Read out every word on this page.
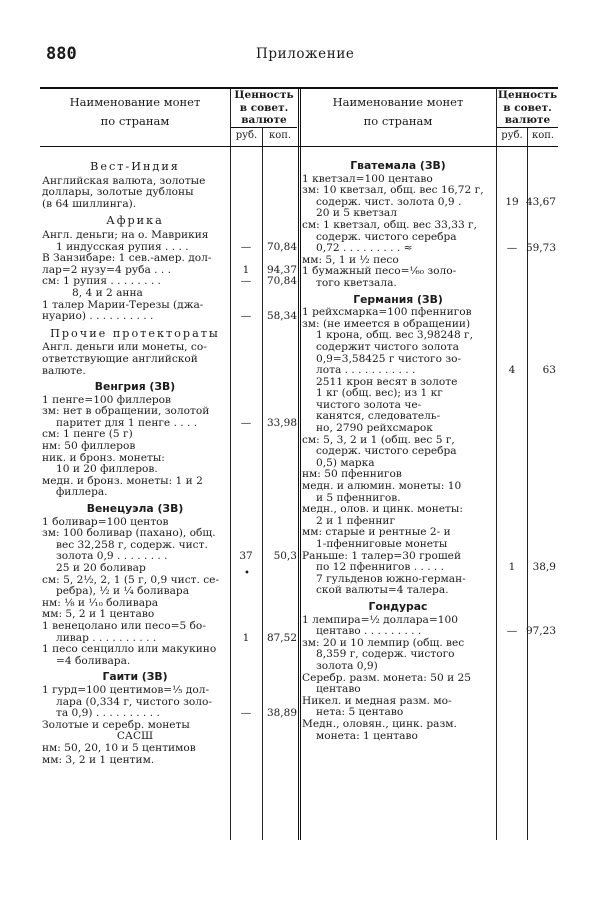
880	Приложение
Наименование монет
по странам
Ценность
в совет.
валюте
руб.	коп.
Наименование монет
по странам
Ценность
в совет.
валюте
руб. коп.
Вест-Индия
Английская валюта, золотые
доллары, золотые дублоны
(в 64 шиллинга).
Африка
Англ. деньги; на о. Маврикия
1 индусская рупия . . . .	—	70,84
В Занзибаре: 1 сев.-амер. дол-
лар=2 нузу=4 руба . . .	1	94,37
см: 1 рупия . . . . . . . .	—	70,84
8, 4 и 2 анна
1 талер Марии-Терезы (джа-
нуарио) . . . . . . . . . .	—	58,34
Прочие протектораты
Англ. деньги или монеты, со-
ответствующие английской
валюте.
Венгрия (ЗВ)
1 пенге=100 филлеров
зм: нет в обращении, золотой
паритет для 1 пенге . . . .	—	33,98
см: 1 пенге (5 г)
нм: 50 филлеров
ник. и бронз. монеты:
10 и 20 филлеров.
медн. и бронз. монеты: 1 и 2
филлера.
Венецуэла (ЗВ)
1 боливар=100 центов
зм: 100 боливар (пахано), общ.
вес 32,258 г, содерж. чист.
золота 0,9 . . . . . . . .	37	50,3
25 и 20 боливар
см: 5, 2½, 2, 1 (5 г, 0,9 чист. се-
ребра), ½ и ¼ боливара
нм: ⅛ и ¹⁄₁₀ боливара
мм: 5, 2 и 1 центаво
1 венецолано или песо=5 бо-
ливар . . . . . . . . . .	1	87,52
1 песо сенцилло или макукино
=4 боливара.
Гаити (ЗВ)
1 гурд=100 центимов=¹⁄₅ дол-
лара (0,334 г, чистого золо-
та 0,9) . . . . . . . . . .	—	38,89
Золотые и серебр. монеты
САСШ
нм: 50, 20, 10 и 5 центимов
мм: 3, 2 и 1 центим.
Гватемала (ЗВ)
1 кветзал=100 центаво
зм: 10 кветзал, общ. вес 16,72 г,
содерж. чист. золота 0,9 .	19 43,67
20 и 5 кветзал
см: 1 кветзал, общ. вес 33,33 г,
содерж. чистого серебра
0,72 . . . . . . . . . ≈	— 59,73
мм: 5, 1 и ½ песо
1 бумажный песо=¹⁄₆₀ золо-
того кветзала.
Германия (ЗВ)
1 рейхсмарка=100 пфеннигов
зм: (не имеется в обращении)
1 крона, общ. вес 3,98248 г,
содержит чистого золота
0,9=3,58425 г чистого зо-
лота . . . . . . . . . . .	4	63
2511 крон весят в золоте
1 кг (общ. вес); из 1 кг
чистого золота че-
канятся, следователь-
но, 2790 рейхсмарок
см: 5, 3, 2 и 1 (общ. вес 5 г,
содерж. чистого серебра
0,5) марка
нм: 50 пфеннигов
медн. и алюмин. монеты: 10
и 5 пфеннигов.
медн., олов. и цинк. монеты:
2 и 1 пфенниг
мм: старые и рентные 2- и
1-пфенниговые монеты
Раньше: 1 талер=30 грошей
по 12 пфеннигов . . . . .	1	38,9
7 гульденов южно-герман-
ской валюты=4 талера.
Гондурас
1 лемпира=½ доллара=100
центаво . . . . . . . . .	— 97,23
зм: 20 и 10 лемпир (общ. вес
8,359 г, содерж. чистого
золота 0,9)
Серебр. разм. монета: 50 и 25
центаво
Никел. и медная разм. мо-
нета: 5 центаво
Медн., оловян., цинк. разм.
монета: 1 центаво
•
